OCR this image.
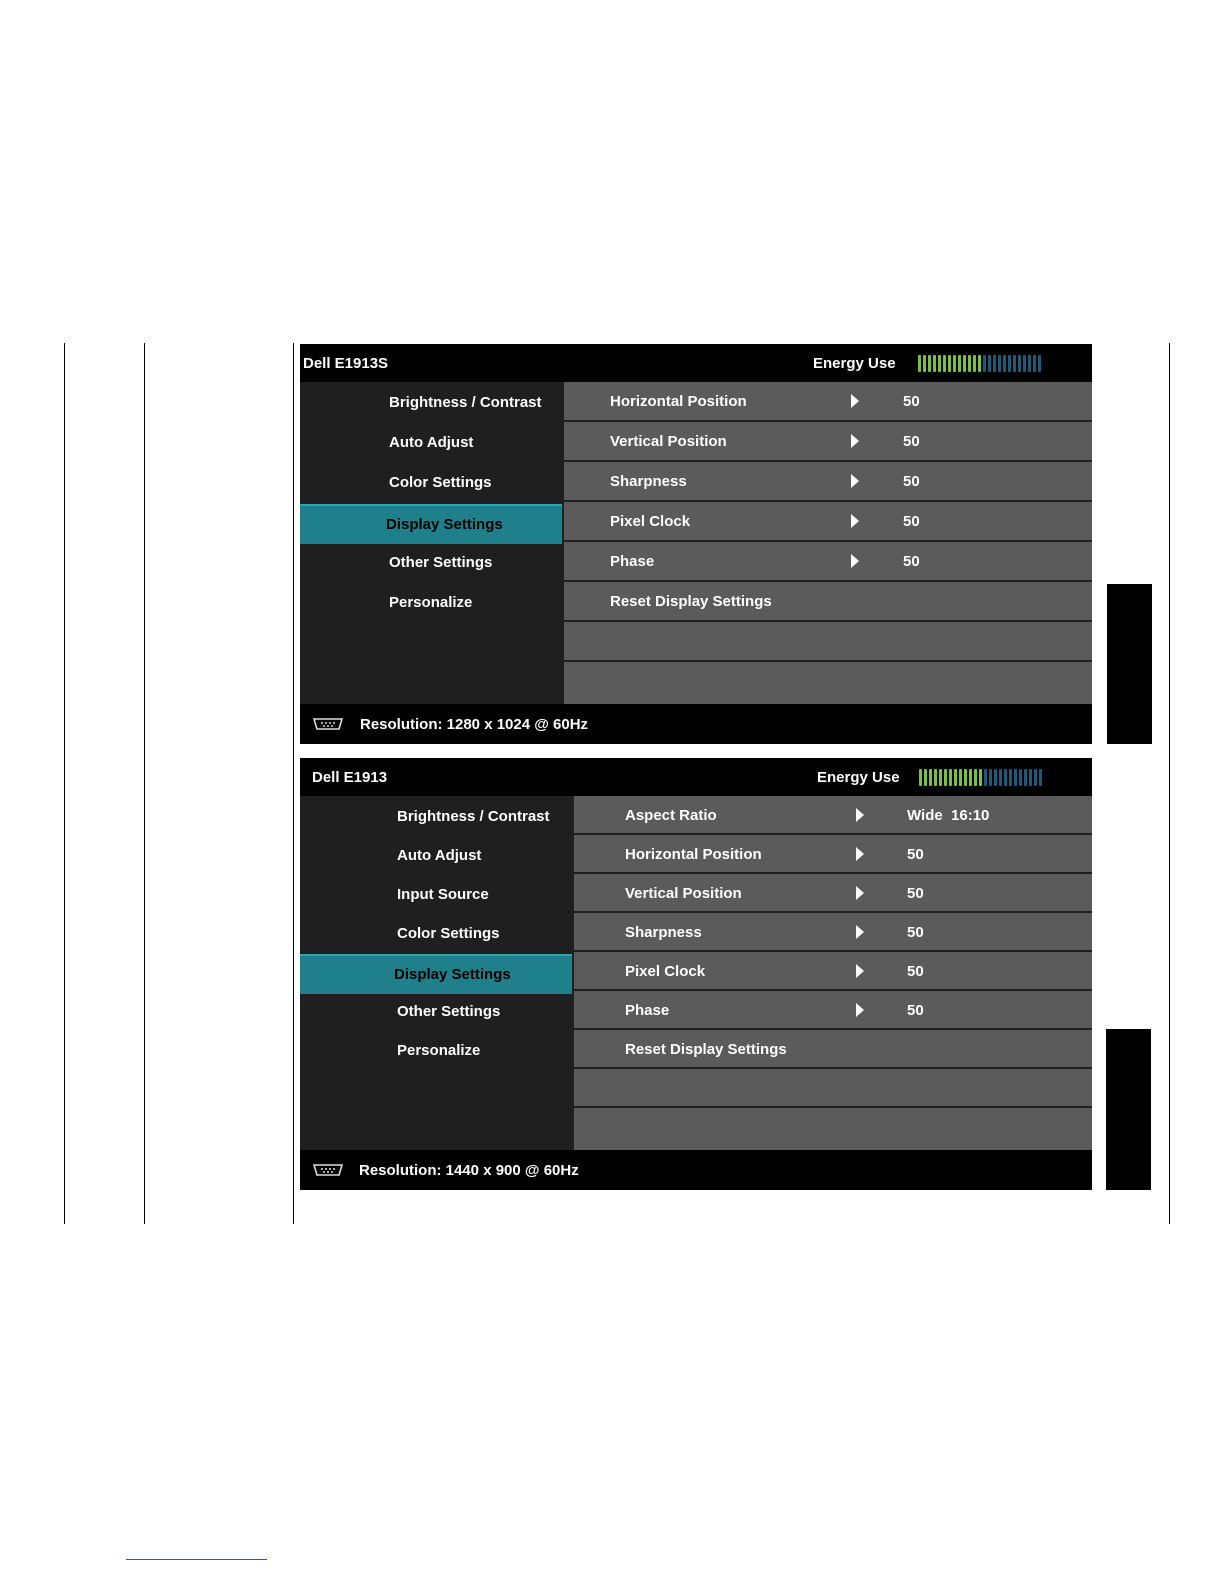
Dell E1913S	Energy Use
Brightness / Contrast
Auto Adjust
Color Settings
Display Settings
Other Settings
Personalize
Horizontal Position	50
Vertical Position	50
Sharpness	50
Pixel Clock	50
Phase	50
Reset Display Settings
Resolution: 1280 x 1024 @ 60Hz
Dell E1913	Energy Use
Brightness / Contrast
Auto Adjust
Input Source
Color Settings
Display Settings
Other Settings
Personalize
Aspect Ratio	Wide  16:10
Horizontal Position	50
Vertical Position	50
Sharpness	50
Pixel Clock	50
Phase	50
Reset Display Settings
Resolution: 1440 x 900 @ 60Hz
